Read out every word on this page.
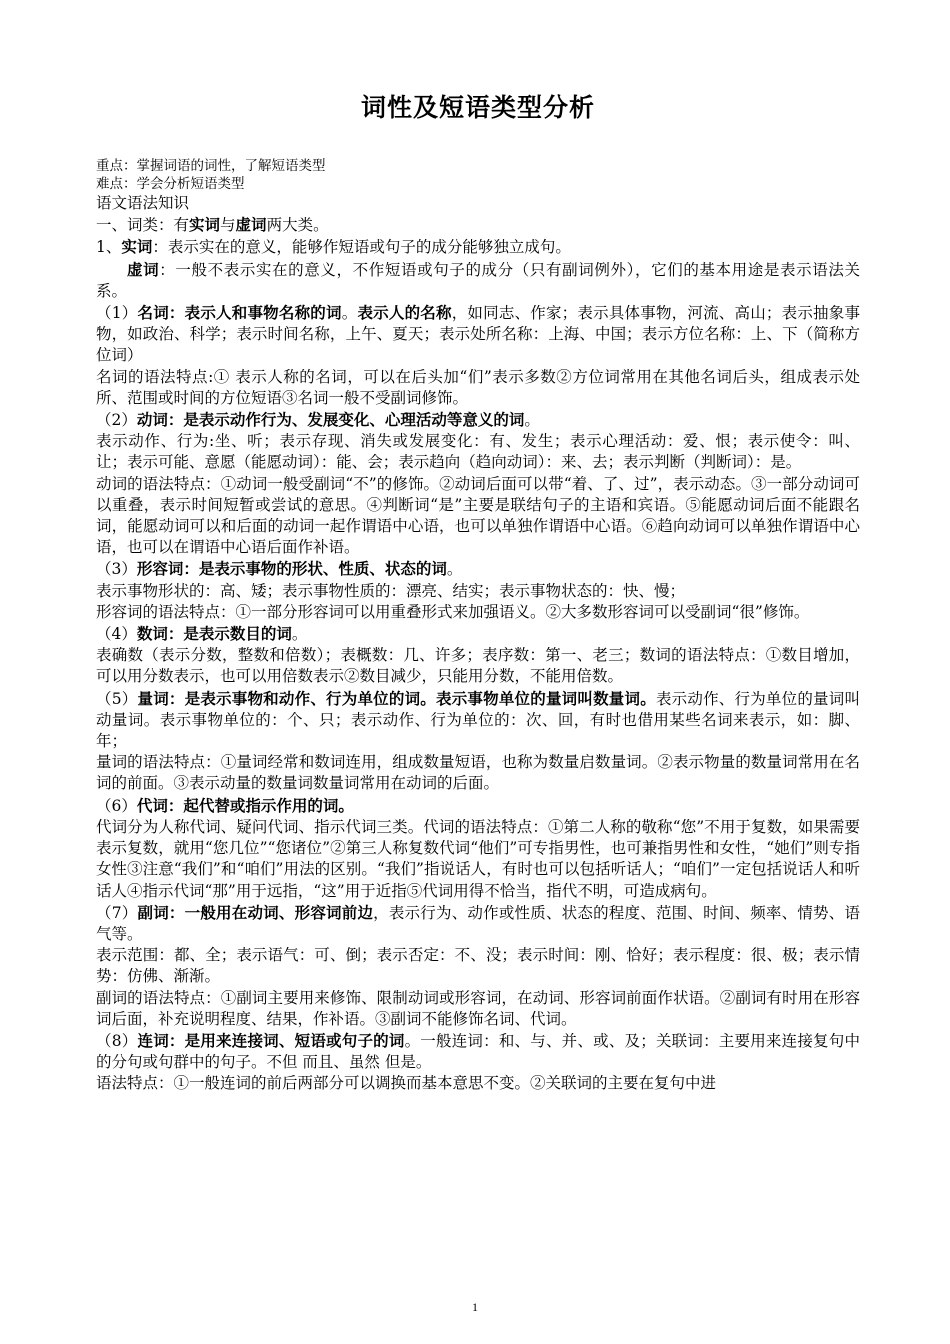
词性及短语类型分析

重点：掌握词语的词性，了解短语类型

难点：学会分析短语类型

语文语法知识

一、词类：有实词与虚词两大类。

1、实词：表示实在的意义，能够作短语或句子的成分能够独立成句。

虚词：一般不表示实在的意义，不作短语或句子的成分（只有副词例外），它们的基本用途是表示语法关系。

（1）名词：表示人和事物名称的词。表示人的名称，如同志、作家；表示具体事物，河流、高山；表示抽象事物，如政治、科学；表示时间名称，上午、夏天；表示处所名称：上海、中国；表示方位名称：上、下（简称方位词）

名词的语法特点:① 表示人称的名词，可以在后头加“们”表示多数②方位词常用在其他名词后头，组成表示处所、范围或时间的方位短语③名词一般不受副词修饰。

（2）动词：是表示动作行为、发展变化、心理活动等意义的词。

表示动作、行为:坐、听；表示存现、消失或发展变化：有、发生；表示心理活动：爱、恨；表示使令：叫、让；表示可能、意愿（能愿动词）：能、会；表示趋向（趋向动词）：来、去；表示判断（判断词）：是。

动词的语法特点：①动词一般受副词“不”的修饰。②动词后面可以带“着、了、过”，表示动态。③一部分动词可以重叠，表示时间短暂或尝试的意思。④判断词“是”主要是联结句子的主语和宾语。⑤能愿动词后面不能跟名词，能愿动词可以和后面的动词一起作谓语中心语，也可以单独作谓语中心语。⑥趋向动词可以单独作谓语中心语，也可以在谓语中心语后面作补语。

（3）形容词：是表示事物的形状、性质、状态的词。

表示事物形状的：高、矮；表示事物性质的：漂亮、结实；表示事物状态的：快、慢；

形容词的语法特点：①一部分形容词可以用重叠形式来加强语义。②大多数形容词可以受副词“很”修饰。

（4）数词：是表示数目的词。

表确数（表示分数，整数和倍数）；表概数：几、许多；表序数：第一、老三；数词的语法特点：①数目增加，可以用分数表示，也可以用倍数表示②数目减少，只能用分数，不能用倍数。

（5）量词：是表示事物和动作、行为单位的词。表示事物单位的量词叫数量词。表示动作、行为单位的量词叫动量词。表示事物单位的：个、只；表示动作、行为单位的：次、回，有时也借用某些名词来表示，如：脚、年；

量词的语法特点：①量词经常和数词连用，组成数量短语，也称为数量启数量词。②表示物量的数量词常用在名词的前面。③表示动量的数量词数量词常用在动词的后面。

（6）代词：起代替或指示作用的词。

代词分为人称代词、疑问代词、指示代词三类。代词的语法特点：①第二人称的敬称“您”不用于复数，如果需要表示复数，就用“您几位”“您诸位”②第三人称复数代词“他们”可专指男性，也可兼指男性和女性，“她们”则专指女性③注意“我们”和“咱们”用法的区别。“我们”指说话人，有时也可以包括听话人；“咱们”一定包括说话人和听话人④指示代词“那”用于远指，“这”用于近指⑤代词用得不恰当，指代不明，可造成病句。

（7）副词：一般用在动词、形容词前边，表示行为、动作或性质、状态的程度、范围、时间、频率、情势、语气等。

表示范围：都、全；表示语气：可、倒；表示否定：不、没；表示时间：刚、恰好；表示程度：很、极；表示情势：仿佛、渐渐。

副词的语法特点：①副词主要用来修饰、限制动词或形容词，在动词、形容词前面作状语。②副词有时用在形容词后面，补充说明程度、结果，作补语。③副词不能修饰名词、代词。

（8）连词：是用来连接词、短语或句子的词。一般连词：和、与、并、或、及；关联词：主要用来连接复句中的分句或句群中的句子。不但 而且、虽然 但是。

语法特点：①一般连词的前后两部分可以调换而基本意思不变。②关联词的主要在复句中进

1
